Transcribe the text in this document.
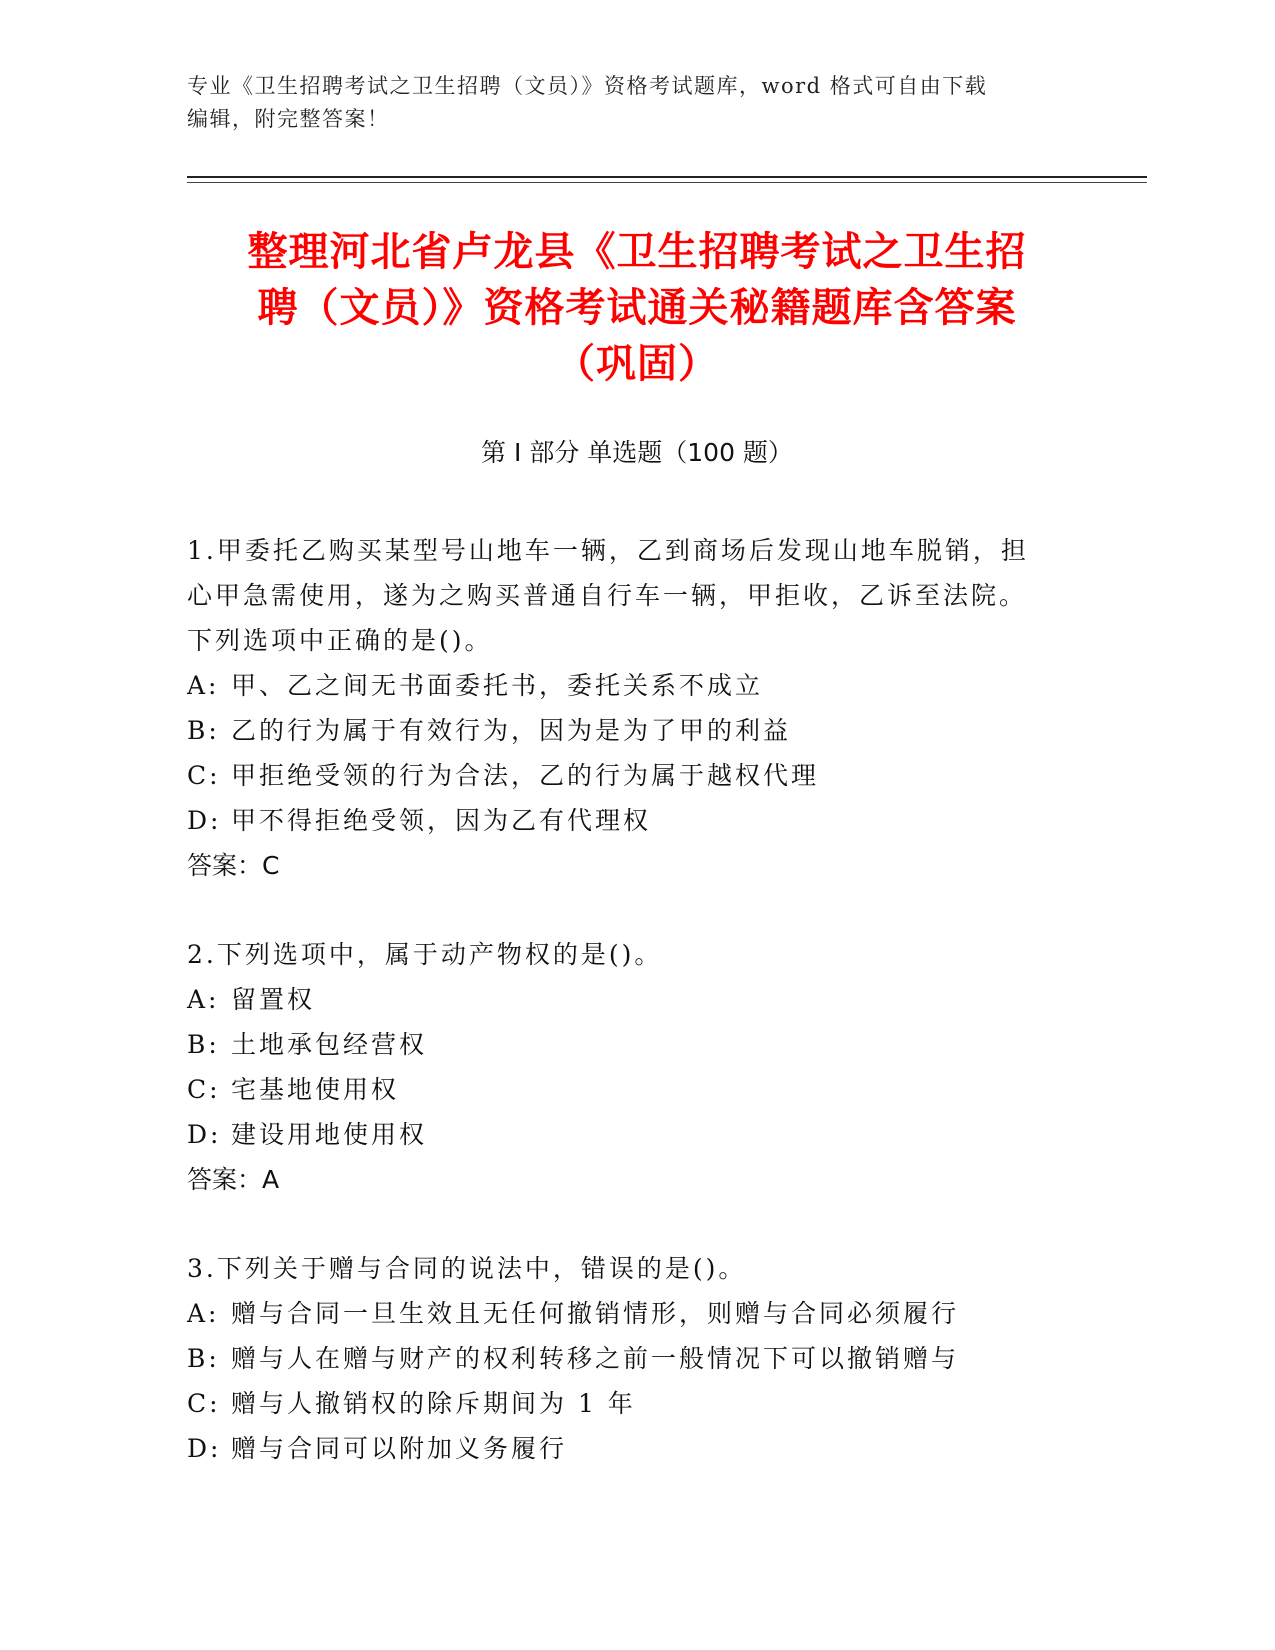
专业《卫生招聘考试之卫生招聘（文员）》资格考试题库，word 格式可自由下载
编辑，附完整答案！
整理河北省卢龙县《卫生招聘考试之卫生招
聘（文员）》资格考试通关秘籍题库含答案
（巩固）
第 I 部分 单选题（100 题）
1.甲委托乙购买某型号山地车一辆，乙到商场后发现山地车脱销，担
心甲急需使用，遂为之购买普通自行车一辆，甲拒收，乙诉至法院。
下列选项中正确的是()。
A: 甲、乙之间无书面委托书，委托关系不成立
B: 乙的行为属于有效行为，因为是为了甲的利益
C: 甲拒绝受领的行为合法，乙的行为属于越权代理
D: 甲不得拒绝受领，因为乙有代理权
答案：C
2.下列选项中，属于动产物权的是()。
A: 留置权
B: 土地承包经营权
C: 宅基地使用权
D: 建设用地使用权
答案：A
3.下列关于赠与合同的说法中，错误的是()。
A: 赠与合同一旦生效且无任何撤销情形，则赠与合同必须履行
B: 赠与人在赠与财产的权利转移之前一般情况下可以撤销赠与
C: 赠与人撤销权的除斥期间为 1 年
D: 赠与合同可以附加义务履行
